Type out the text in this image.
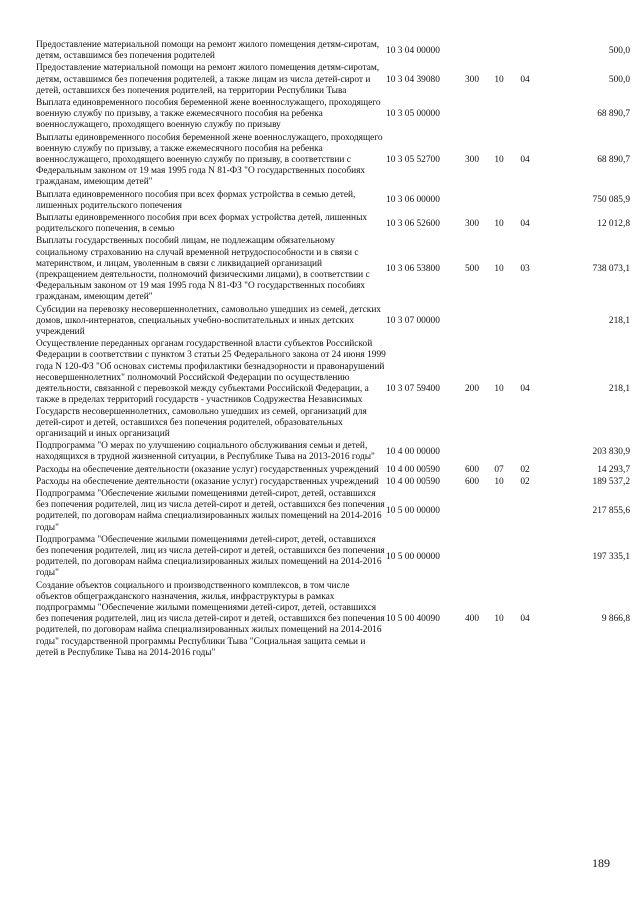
Предоставление материальной помощи на ремонт жилого помещения детям-сиротам, детям, оставшимся без попечения родителей	10 3 04 00000				500,0
Предоставление материальной помощи на ремонт жилого помещения детям-сиротам, детям, оставшимся без попечения родителей, а также лицам из числа детей-сирот и детей, оставшихся без попечения родителей, на территории Республики Тыва	10 3 04 39080	300	10	04	500,0
Выплата единовременного пособия беременной жене военнослужащего, проходящего военную службу по призыву, а также ежемесячного пособия на ребенка военнослужащего, проходящего военную службу по призыву	10 3 05 00000				68 890,7
Выплаты единовременного пособия беременной жене военнослужащего, проходящего военную службу по призыву, а также ежемесячного пособия на ребенка военнослужащего, проходящего военную службу по призыву, в соответствии с Федеральным законом от 19 мая 1995 года N 81-ФЗ "О государственных пособиях гражданам, имеющим детей"	10 3 05 52700	300	10	04	68 890,7
Выплата единовременного пособия при всех формах устройства в семью детей, лишенных родительского попечения	10 3 06 00000				750 085,9
Выплаты единовременного пособия при всех формах устройства детей, лишенных родительского попечения, в семью	10 3 06 52600	300	10	04	12 012,8
Выплаты государственных пособий лицам, не подлежащим обязательному социальному страхованию на случай временной нетрудоспособности и в связи с материнством, и лицам, уволенным в связи с ликвидацией организаций (прекращением деятельности, полномочий физическими лицами), в соответствии с Федеральным законом от 19 мая 1995 года N 81-ФЗ "О государственных пособиях гражданам, имеющим детей"	10 3 06 53800	500	10	03	738 073,1
Субсидии на перевозку несовершеннолетних, самовольно ушедших из семей, детских домов, школ-интернатов, специальных учебно-воспитательных и иных детских учреждений	10 3 07 00000				218,1
Осуществление переданных органам государственной власти субъектов Российской Федерации в соответствии с пунктом 3 статьи 25 Федерального закона от 24 июня 1999 года N 120-ФЗ "Об основах системы профилактики безнадзорности и правонарушений несовершеннолетних" полномочий Российской Федерации по осуществлению деятельности, связанной с перевозкой между субъектами Российской Федерации, а также в пределах территорий государств - участников Содружества Независимых Государств несовершеннолетних, самовольно ушедших из семей, организаций для детей-сирот и детей, оставшихся без попечения родителей, образовательных организаций и иных организаций	10 3 07 59400	200	10	04	218,1
Подпрограмма "О мерах по улучшению социального обслуживания семьи и детей, находящихся в трудной жизненной ситуации, в Республике Тыва на 2013-2016 годы"	10 4 00 00000				203 830,9
Расходы на обеспечение деятельности (оказание услуг) государственных учреждений	10 4 00 00590	600	07	02	14 293,7
Расходы на обеспечение деятельности (оказание услуг) государственных учреждений	10 4 00 00590	600	10	02	189 537,2
Подпрограмма "Обеспечение жилыми помещениями детей-сирот, детей, оставшихся без попечения родителей, лиц из числа детей-сирот и детей, оставшихся без попечения родителей, по договорам найма специализированных жилых помещений на 2014-2016 годы"	10 5 00 00000				217 855,6
Подпрограмма "Обеспечение жилыми помещениями детей-сирот, детей, оставшихся без попечения родителей, лиц из числа детей-сирот и детей, оставшихся без попечения родителей, по договорам найма специализированных жилых помещений на 2014-2016 годы"	10 5 00 00000				197 335,1
Создание объектов социального и производственного комплексов, в том числе объектов общегражданского назначения, жилья, инфраструктуры в рамках подпрограммы "Обеспечение жилыми помещениями детей-сирот, детей, оставшихся без попечения родителей, лиц из числа детей-сирот и детей, оставшихся без попечения родителей, по договорам найма специализированных жилых помещений на 2014-2016 годы" государственной программы Республики Тыва "Социальная защита семьи и детей в Республике Тыва на 2014-2016 годы"	10 5 00 40090	400	10	04	9 866,8
189
